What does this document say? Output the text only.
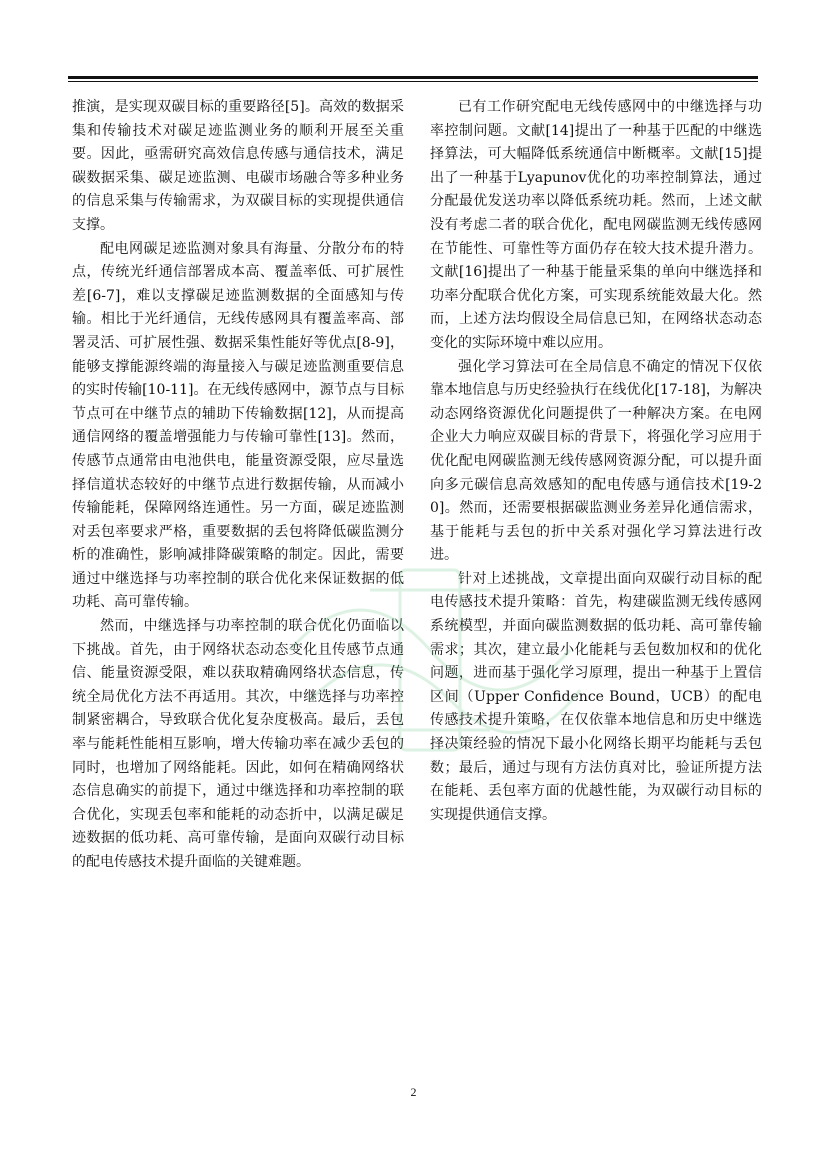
推演，是实现双碳目标的重要路径[5]。高效的数据采集和传输技术对碳足迹监测业务的顺利开展至关重要。因此，亟需研究高效信息传感与通信技术，满足碳数据采集、碳足迹监测、电碳市场融合等多种业务的信息采集与传输需求，为双碳目标的实现提供通信支撑。

配电网碳足迹监测对象具有海量、分散分布的特点，传统光纤通信部署成本高、覆盖率低、可扩展性差[6-7]，难以支撑碳足迹监测数据的全面感知与传输。相比于光纤通信，无线传感网具有覆盖率高、部署灵活、可扩展性强、数据采集性能好等优点[8-9]，能够支撑能源终端的海量接入与碳足迹监测重要信息的实时传输[10-11]。在无线传感网中，源节点与目标节点可在中继节点的辅助下传输数据[12]，从而提高通信网络的覆盖增强能力与传输可靠性[13]。然而，传感节点通常由电池供电，能量资源受限，应尽量选择信道状态较好的中继节点进行数据传输，从而减小传输能耗，保障网络连通性。另一方面，碳足迹监测对丢包率要求严格，重要数据的丢包将降低碳监测分析的准确性，影响减排降碳策略的制定。因此，需要通过中继选择与功率控制的联合优化来保证数据的低功耗、高可靠传输。

然而，中继选择与功率控制的联合优化仍面临以下挑战。首先，由于网络状态动态变化且传感节点通信、能量资源受限，难以获取精确网络状态信息，传统全局优化方法不再适用。其次，中继选择与功率控制紧密耦合，导致联合优化复杂度极高。最后，丢包率与能耗性能相互影响，增大传输功率在减少丢包的同时，也增加了网络能耗。因此，如何在精确网络状态信息确实的前提下，通过中继选择和功率控制的联合优化，实现丢包率和能耗的动态折中，以满足碳足迹数据的低功耗、高可靠传输，是面向双碳行动目标的配电传感技术提升面临的关键难题。

已有工作研究配电无线传感网中的中继选择与功率控制问题。文献[14]提出了一种基于匹配的中继选择算法，可大幅降低系统通信中断概率。文献[15]提出了一种基于Lyapunov优化的功率控制算法，通过分配最优发送功率以降低系统功耗。然而，上述文献没有考虑二者的联合优化，配电网碳监测无线传感网在节能性、可靠性等方面仍存在较大技术提升潜力。文献[16]提出了一种基于能量采集的单向中继选择和功率分配联合优化方案，可实现系统能效最大化。然而，上述方法均假设全局信息已知，在网络状态动态变化的实际环境中难以应用。

强化学习算法可在全局信息不确定的情况下仅依靠本地信息与历史经验执行在线优化[17-18]，为解决动态网络资源优化问题提供了一种解决方案。在电网企业大力响应双碳目标的背景下，将强化学习应用于优化配电网碳监测无线传感网资源分配，可以提升面向多元碳信息高效感知的配电传感与通信技术[19-20]。然而，还需要根据碳监测业务差异化通信需求，基于能耗与丢包的折中关系对强化学习算法进行改进。

针对上述挑战，文章提出面向双碳行动目标的配电传感技术提升策略：首先，构建碳监测无线传感网系统模型，并面向碳监测数据的低功耗、高可靠传输需求；其次，建立最小化能耗与丢包数加权和的优化问题，进而基于强化学习原理，提出一种基于上置信区间（Upper Confidence Bound，UCB）的配电传感技术提升策略，在仅依靠本地信息和历史中继选择决策经验的情况下最小化网络长期平均能耗与丢包数；最后，通过与现有方法仿真对比，验证所提方法在能耗、丢包率方面的优越性能，为双碳行动目标的实现提供通信支撑。

2
